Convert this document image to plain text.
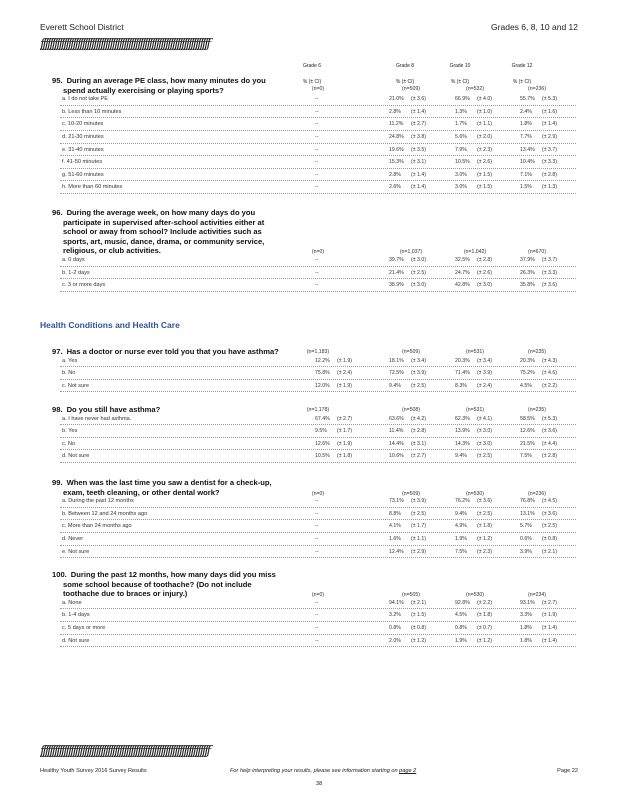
Everett School District	Grades 6, 8, 10 and 12
ƒƒƒƒƒƒƒƒƒƒƒƒƒƒƒƒƒƒƒƒƒƒƒƒƒƒƒƒƒƒƒƒƒƒƒƒƒƒƒƒƒƒƒƒƒƒƒƒƒƒƒƒƒƒƒƒƒƒƒƒƒƒƒƒƒƒƒƒƒƒƒƒƒ
Grade 6
% (± CI)
Grade 8
% (± CI)
Grade 10
% (± CI)
Grade 12
% (± CI)
95. During an average PE class, how many minutes do you
spend actually exercising or playing sports?	(n=0)	(n=509)	(n=532)	(n=236)
a. I do not take PE	--	21.0% (± 3.6)	66.9% (± 4.0)	55.7% (± 5.3)
b. Less than 10 minutes	--	2.8% (± 1.4)	1.3% (± 1.0)	2.4% (± 1.6)
c. 10-20 minutes	--	11.2% (± 2.7)	1.7% (± 1.1)	1.8% (± 1.4)
d. 21-30 minutes	--	24.8% (± 3.8)	5.6% (± 2.0)	7.7% (± 2.9)
e. 31-40 minutes	--	19.6% (± 3.5)	7.9% (± 2.3)	13.4% (± 3.7)
f. 41-50 minutes	--	15.3% (± 3.1)	10.5% (± 2.6)	10.4% (± 3.3)
g. 51-60 minutes	--	2.8% (± 1.4)	3.0% (± 1.5)	7.1% (± 2.8)
h. More than 60 minutes	--	2.6% (± 1.4)	3.0% (± 1.5)	1.5% (± 1.3)
96. During the average week, on how many days do you
participate in supervised after-school activities either at
school or away from school? Include activities such as
sports, art, music, dance, drama, or community service,
religious, or club activities.	(n=0)	(n=1,037)	(n=1,042)	(n=670)
a. 0 days	--	39.7% (± 3.0)	32.5% (± 2.8)	37.9% (± 3.7)
b. 1-2 days	--	21.4% (± 2.5)	24.7% (± 2.6)	26.3% (± 3.3)
c. 3 or more days	--	38.9% (± 3.0)	42.8% (± 3.0)	35.8% (± 3.6)
97. Has a doctor or nurse ever told you that you have asthma?	(n=1,183)	(n=509)	(n=531)	(n=235)
a. Yes	12.2% (± 1.9)	18.1% (± 3.4)	20.3% (± 3.4)	20.3% (± 4.3)
b. No	75.8% (± 2.4)	72.5% (± 3.9)	71.4% (± 3.9)	75.2% (± 4.6)
c. Not sure	12.0% (± 1.9)	9.4% (± 2.5)	8.3% (± 2.4)	4.5% (± 2.2)
98. Do you still have asthma?	(n=1,178)	(n=508)	(n=531)	(n=235)
a. I have never had asthma.	67.4% (± 2.7)	63.6% (± 4.2)	62.3% (± 4.1)	58.5% (± 5.3)
b. Yes	9.5% (± 1.7)	11.4% (± 2.8)	13.9% (± 3.0)	12.6% (± 3.6)
c. No	12.6% (± 1.9)	14.4% (± 3.1)	14.3% (± 3.0)	21.5% (± 4.4)
d. Not sure	10.5% (± 1.8)	10.6% (± 2.7)	9.4% (± 2.5)	7.5% (± 2.8)
99. When was the last time you saw a dentist for a check-up,
exam, teeth cleaning, or other dental work?	(n=0)	(n=509)	(n=530)	(n=236)
a. During the past 12 months	--	73.1% (± 3.9)	76.2% (± 3.6)	76.8% (± 4.5)
b. Between 12 and 24 months ago	--	8.8% (± 2.5)	9.4% (± 2.5)	13.1% (± 3.6)
c. More than 24 months ago	--	4.1% (± 1.7)	4.9% (± 1.8)	5.7% (± 2.5)
d. Never	--	1.6% (± 1.1)	1.9% (± 1.2)	0.6% (± 0.8)
e. Not sure	--	12.4% (± 2.9)	7.5% (± 2.3)	3.9% (± 2.1)
100. During the past 12 months, how many days did you miss
some school because of toothache? (Do not include
toothache due to braces or injury.)	(n=0)	(n=505)	(n=530)	(n=234)
a. None	--	94.1% (± 2.1)	92.8% (± 2.2)	93.1% (± 2.7)
b. 1-4 days	--	3.2% (± 1.5)	4.5% (± 1.8)	3.3% (± 1.9)
c. 5 days or more	--	0.8% (± 0.8)	0.8% (± 0.7)	1.8% (± 1.4)
d. Not sure	--	2.0% (± 1.2)	1.9% (± 1.2)	1.8% (± 1.4)
Health Conditions and Health Care
ƒƒƒƒƒƒƒƒƒƒƒƒƒƒƒƒƒƒƒƒƒƒƒƒƒƒƒƒƒƒƒƒƒƒƒƒƒƒƒƒƒƒƒƒƒƒƒƒƒƒƒƒƒƒƒƒƒƒƒƒƒƒƒƒƒƒƒƒƒƒƒƒƒ
Healthy Youth Survey 2016 Survey Results	For help interpreting your results, please see information starting on page 2	Page 22
38
